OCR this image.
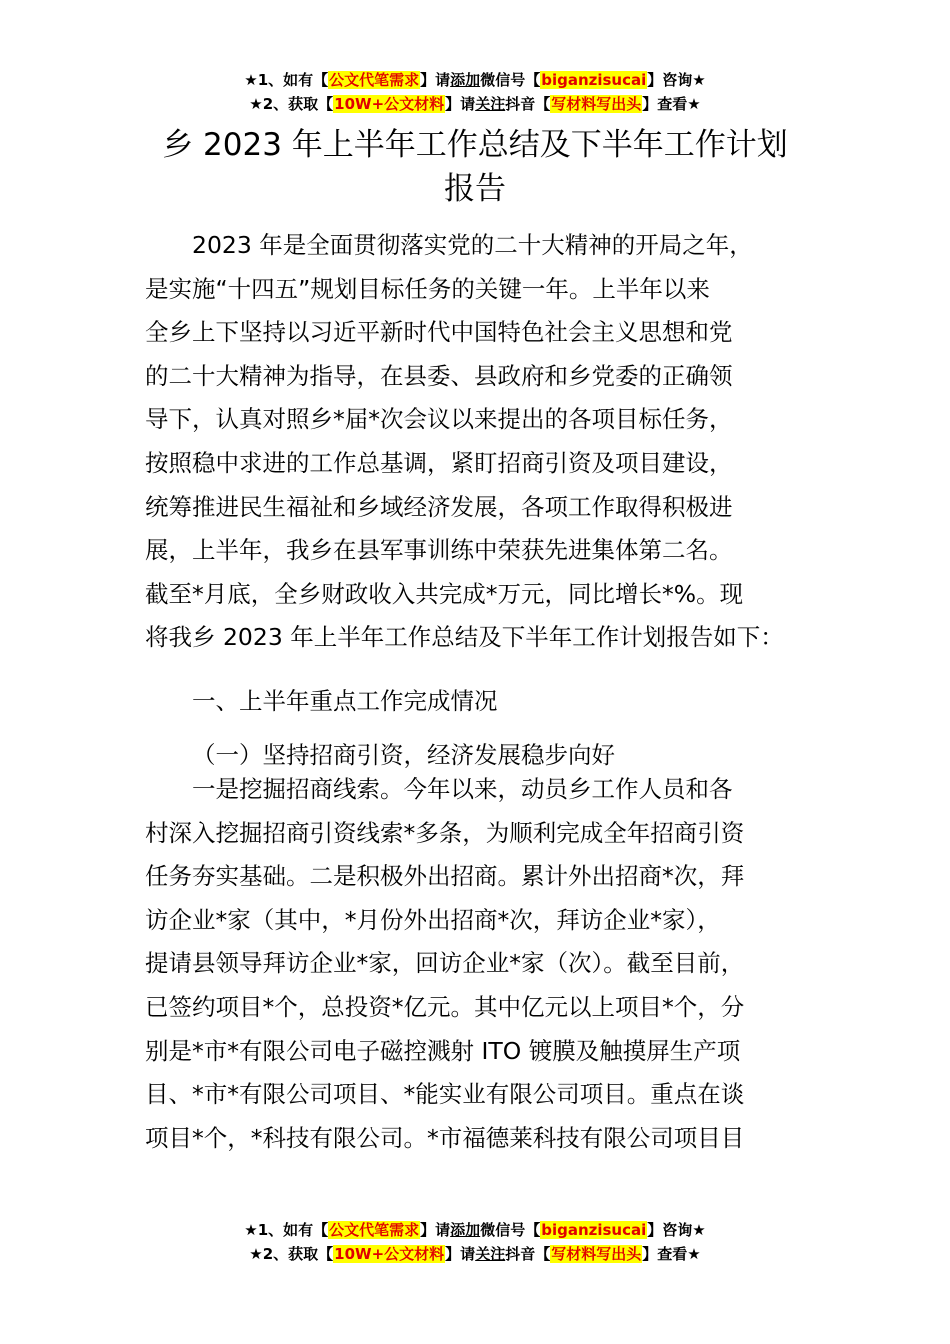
★1、如有【公文代笔需求】请添加微信号【biganzisucai】咨询★
★2、获取【10W+公文材料】请关注抖音【写材料写出头】查看★
乡 2023 年上半年工作总结及下半年工作计划
报告

2023 年是全面贯彻落实党的二十大精神的开局之年，
是实施“十四五”规划目标任务的关键一年。上半年以来
全乡上下坚持以习近平新时代中国特色社会主义思想和党
的二十大精神为指导，在县委、县政府和乡党委的正确领
导下，认真对照乡*届*次会议以来提出的各项目标任务，
按照稳中求进的工作总基调，紧盯招商引资及项目建设，
统筹推进民生福祉和乡域经济发展，各项工作取得积极进
展，上半年，我乡在县军事训练中荣获先进集体第二名。
截至*月底，全乡财政收入共完成*万元，同比增长*%。现
将我乡 2023 年上半年工作总结及下半年工作计划报告如下：

一、上半年重点工作完成情况

（一）坚持招商引资，经济发展稳步向好

一是挖掘招商线索。今年以来，动员乡工作人员和各
村深入挖掘招商引资线索*多条，为顺利完成全年招商引资
任务夯实基础。二是积极外出招商。累计外出招商*次，拜
访企业*家（其中，*月份外出招商*次，拜访企业*家），
提请县领导拜访企业*家，回访企业*家（次）。截至目前，
已签约项目*个，总投资*亿元。其中亿元以上项目*个，分
别是*市*有限公司电子磁控溅射 ITO 镀膜及触摸屏生产项
目、*市*有限公司项目、*能实业有限公司项目。重点在谈
项目*个，*科技有限公司。*市福德莱科技有限公司项目目

★1、如有【公文代笔需求】请添加微信号【biganzisucai】咨询★
★2、获取【10W+公文材料】请关注抖音【写材料写出头】查看★
